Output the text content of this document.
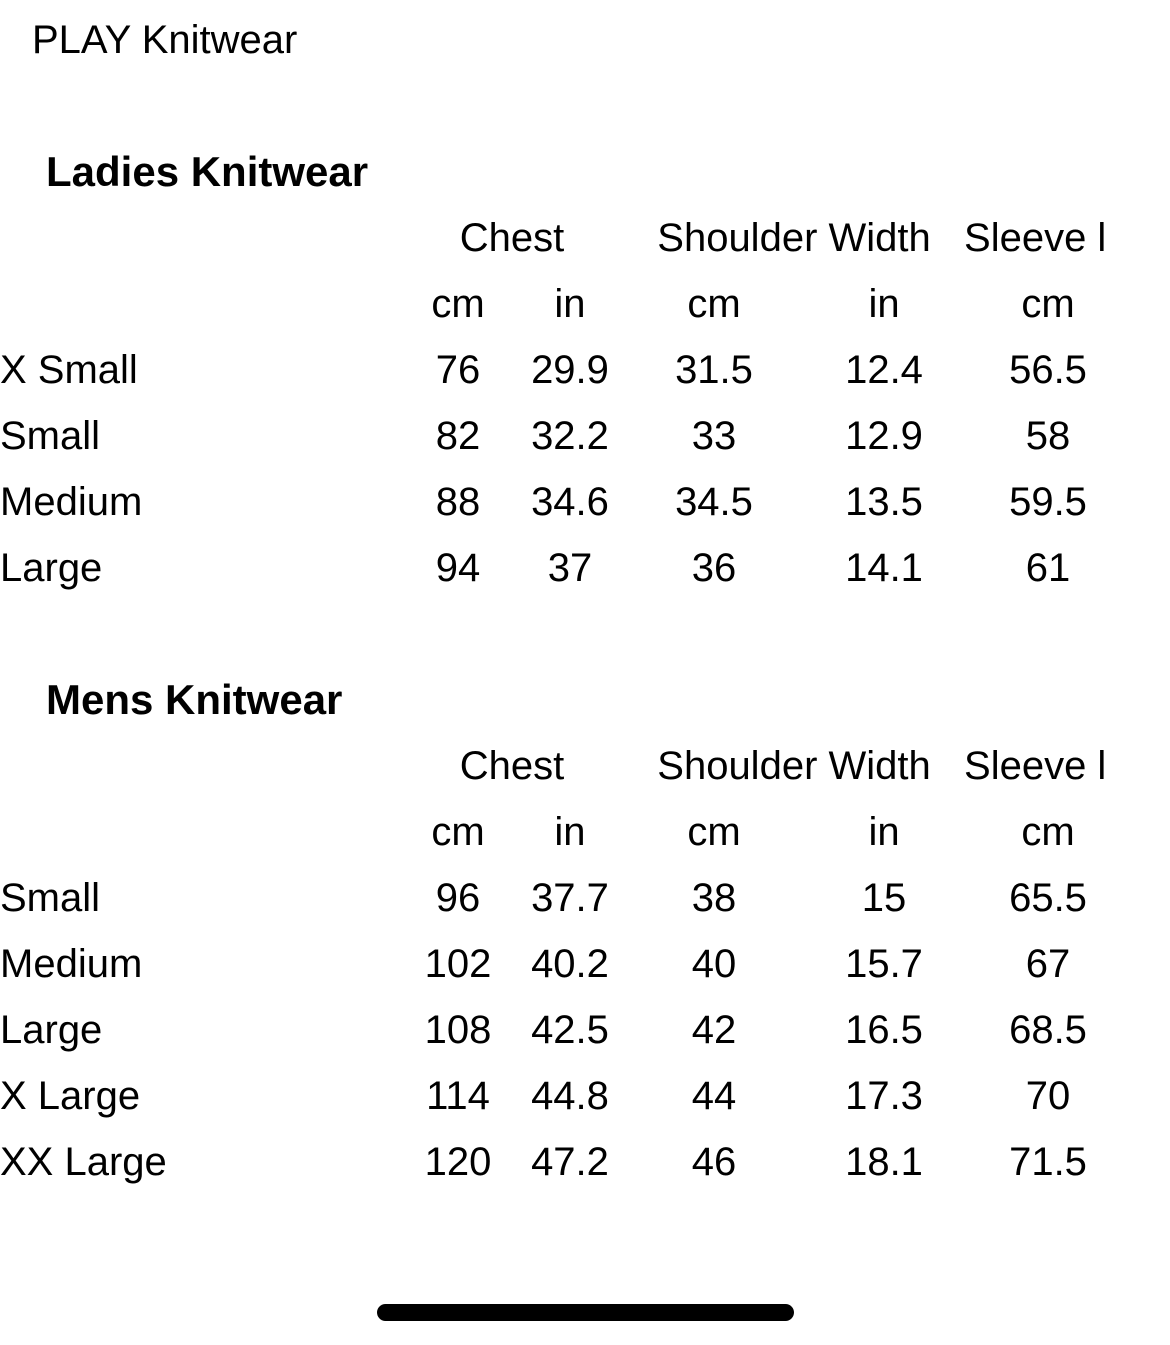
PLAY Knitwear
Ladies Knitwear
	Chest		Shoulder Width		Sleeve l	
	cm	in	cm	in	cm	
X Small	76	29.9	31.5	12.4	56.5	
Small	82	32.2	33	12.9	58	
Medium	88	34.6	34.5	13.5	59.5	
Large	94	37	36	14.1	61	
Mens Knitwear
	Chest		Shoulder Width		Sleeve l	
	cm	in	cm	in	cm	
Small	96	37.7	38	15	65.5	
Medium	102	40.2	40	15.7	67	
Large	108	42.5	42	16.5	68.5	
X Large	114	44.8	44	17.3	70	
XX Large	120	47.2	46	18.1	71.5	
